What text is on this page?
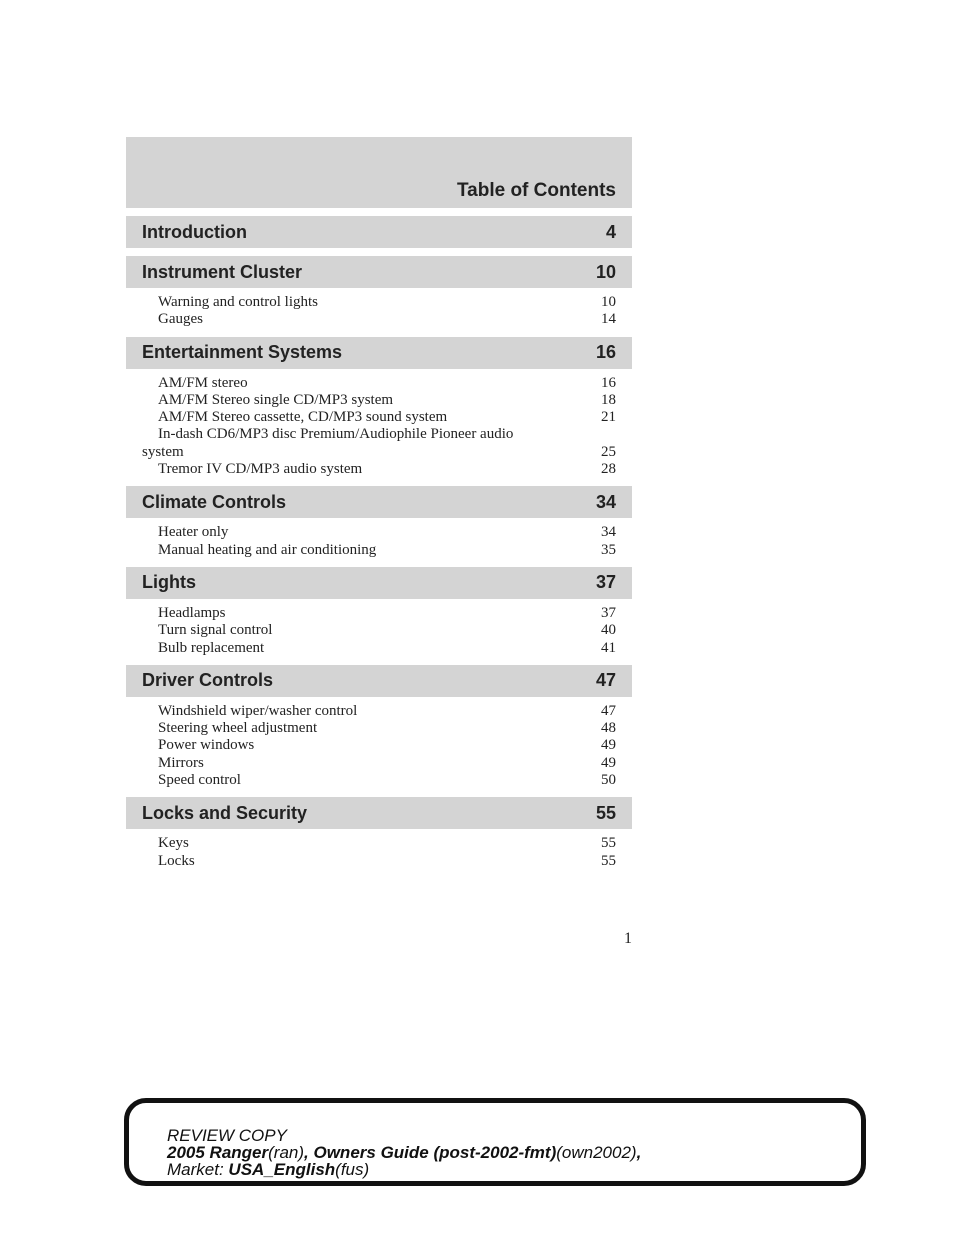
Table of Contents
Introduction	4
Instrument Cluster	10
Warning and control lights	10
Gauges	14
Entertainment Systems	16
AM/FM stereo	16
AM/FM Stereo single CD/MP3 system	18
AM/FM Stereo cassette, CD/MP3 sound system	21
In-dash CD6/MP3 disc Premium/Audiophile Pioneer audio
system	25
Tremor IV CD/MP3 audio system	28
Climate Controls	34
Heater only	34
Manual heating and air conditioning	35
Lights	37
Headlamps	37
Turn signal control	40
Bulb replacement	41
Driver Controls	47
Windshield wiper/washer control	47
Steering wheel adjustment	48
Power windows	49
Mirrors	49
Speed control	50
Locks and Security	55
Keys	55
Locks	55
1
REVIEW COPY
2005 Ranger(ran), Owners Guide (post-2002-fmt)(own2002),
Market: USA_English(fus)
